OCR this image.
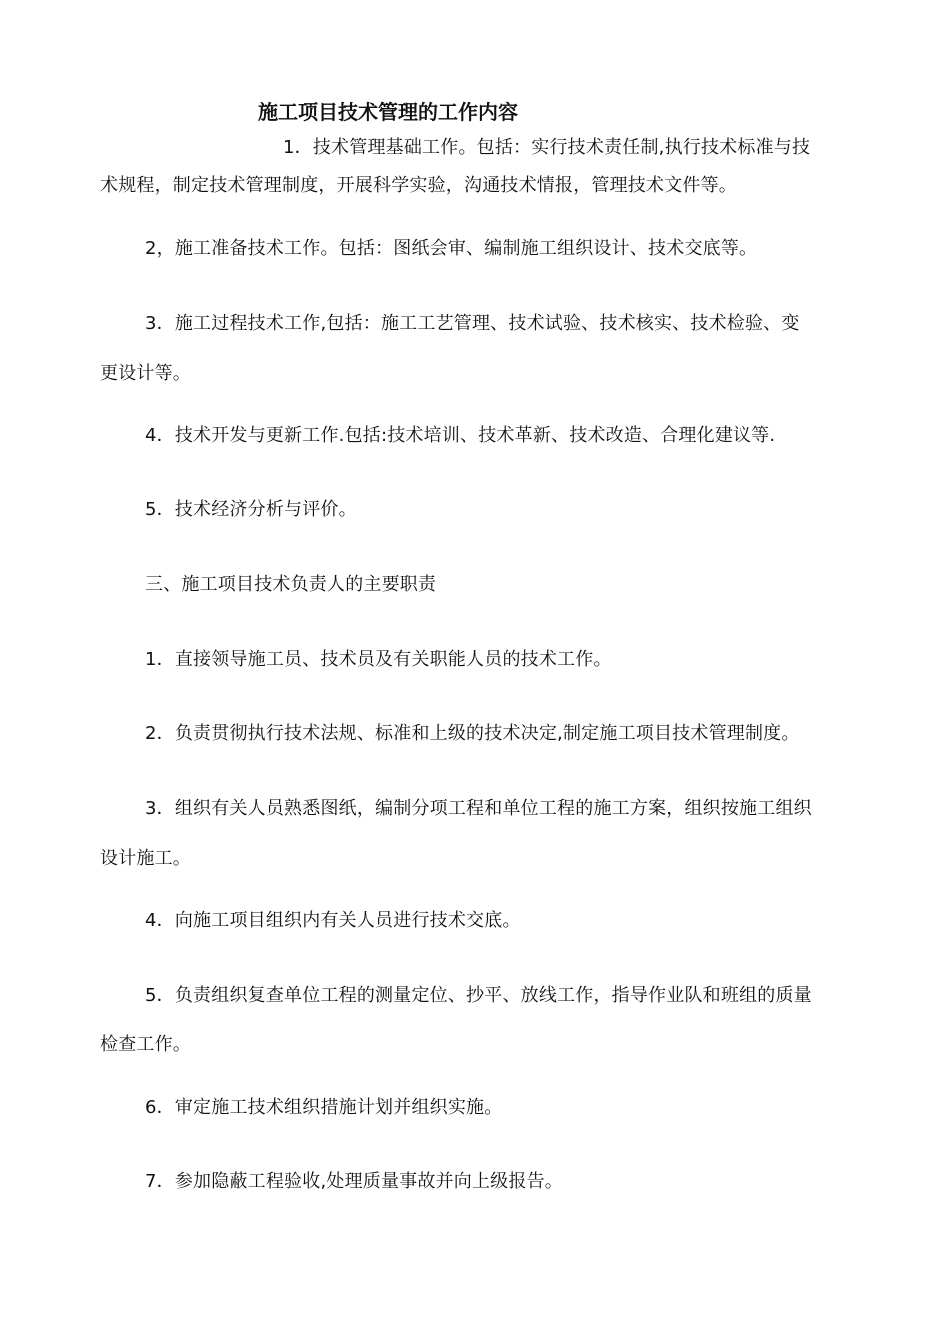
施工项目技术管理的工作内容
1．技术管理基础工作。包括：实行技术责任制,执行技术标准与技
术规程，制定技术管理制度，开展科学实验，沟通技术情报，管理技术文件等。
2，施工准备技术工作。包括：图纸会审、编制施工组织设计、技术交底等。
3．施工过程技术工作,包括：施工工艺管理、技术试验、技术核实、技术检验、变
更设计等。
4．技术开发与更新工作.包括:技术培训、技术革新、技术改造、合理化建议等.
5．技术经济分析与评价。
三、施工项目技术负责人的主要职责
1．直接领导施工员、技术员及有关职能人员的技术工作。
2．负责贯彻执行技术法规、标准和上级的技术决定,制定施工项目技术管理制度。
3．组织有关人员熟悉图纸，编制分项工程和单位工程的施工方案，组织按施工组织
设计施工。
4．向施工项目组织内有关人员进行技术交底。
5．负责组织复查单位工程的测量定位、抄平、放线工作，指导作业队和班组的质量
检查工作。
6．审定施工技术组织措施计划并组织实施。
7．参加隐蔽工程验收,处理质量事故并向上级报告。
